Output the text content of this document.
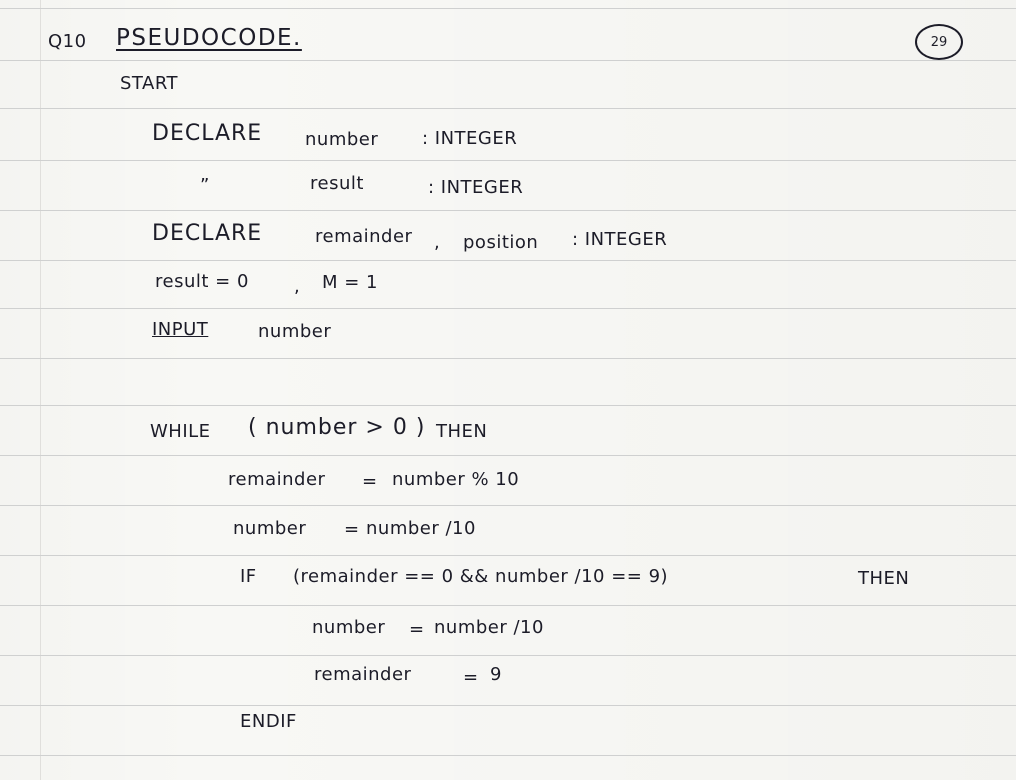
Q10 PSEUDOCODE.	29
START
DECLARE number : INTEGER
”	result	: INTEGER
DECLARE	remainder , position : INTEGER
result = 0	, M = 1
INPUT	number
WHILE ( number > 0 ) THEN
remainder = number % 10
number = number /10
IF (remainder == 0 && number /10 == 9)	THEN
number = number /10
remainder	= 9
ENDIF
